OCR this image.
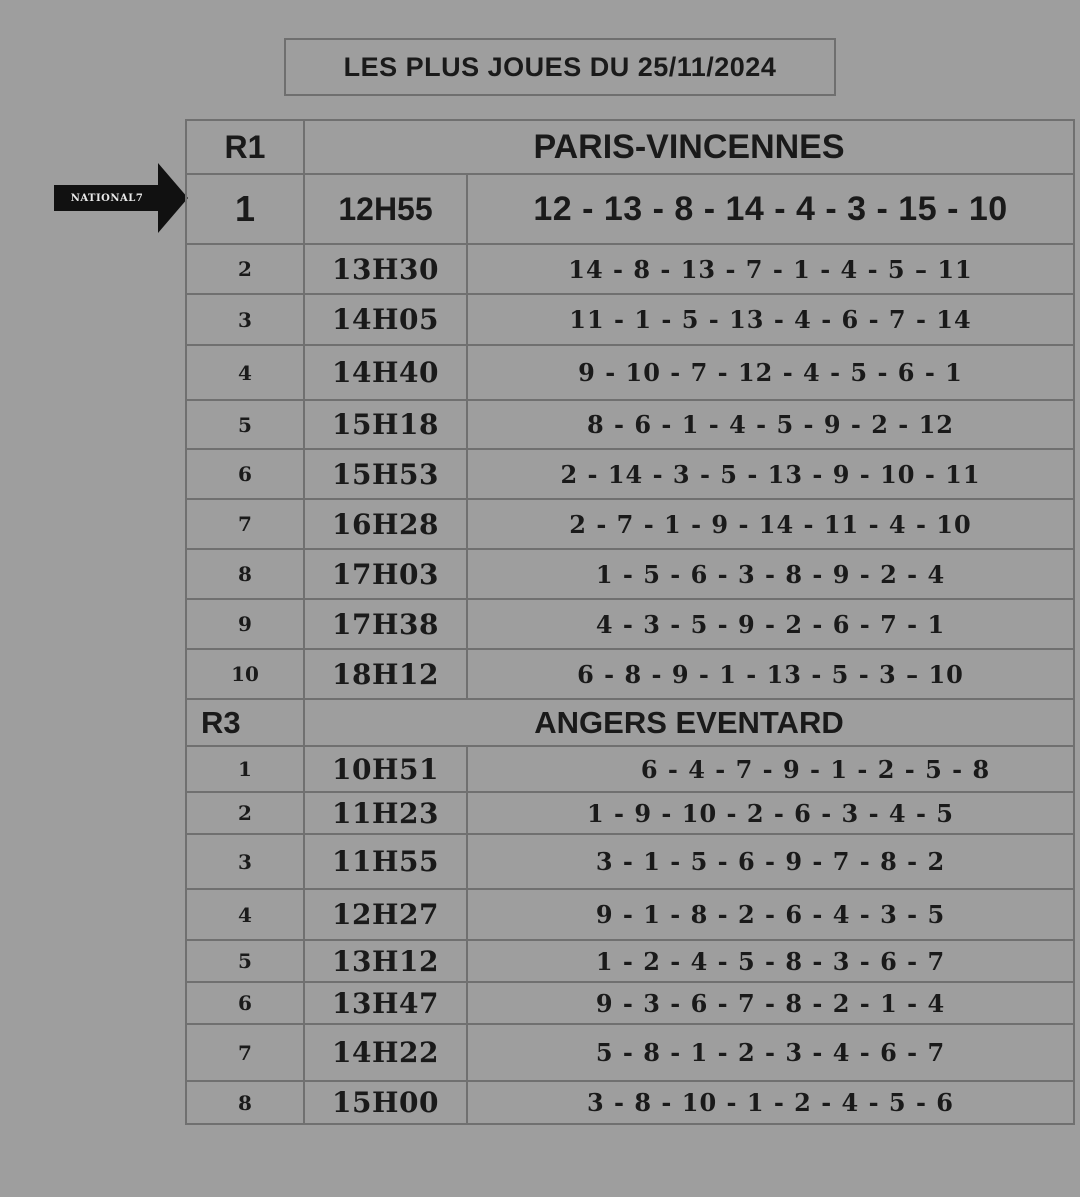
LES PLUS JOUES DU 25/11/2024
NATIONAL7
R1	PARIS-VINCENNES	
1	12H55	12 - 13 - 8 - 14 - 4 - 3 - 15 - 10
2	13H30	14 - 8 - 13 - 7 - 1 - 4 - 5 – 11
3	14H05	11 - 1 - 5 - 13 - 4 - 6 - 7 - 14
4	14H40	9 - 10 - 7 - 12 - 4 - 5 - 6 - 1
5	15H18	8 - 6 - 1 - 4 - 5 - 9 - 2 - 12
6	15H53	2 - 14 - 3 - 5 - 13 - 9 - 10 - 11
7	16H28	2 - 7 - 1 - 9 - 14 - 11 - 4 - 10
8	17H03	1 - 5 - 6 - 3 - 8 - 9 - 2 - 4
9	17H38	4 - 3 - 5 - 9 - 2 - 6 - 7 - 1
10	18H12	6 - 8 - 9 - 1 - 13 - 5 - 3 – 10
R3	ANGERS EVENTARD	
1	10H51	6 - 4 - 7 - 9 - 1 - 2 - 5 - 8
2	11H23	1 - 9 - 10 - 2 - 6 - 3 - 4 - 5
3	11H55	3 - 1 - 5 - 6 - 9 - 7 - 8 - 2
4	12H27	9 - 1 - 8 - 2 - 6 - 4 - 3 - 5
5	13H12	1 - 2 - 4 - 5 - 8 - 3 - 6 - 7
6	13H47	9 - 3 - 6 - 7 - 8 - 2 - 1 - 4
7	14H22	5 - 8 - 1 - 2 - 3 - 4 - 6 - 7
8	15H00	3 - 8 - 10 - 1 - 2 - 4 - 5 - 6
